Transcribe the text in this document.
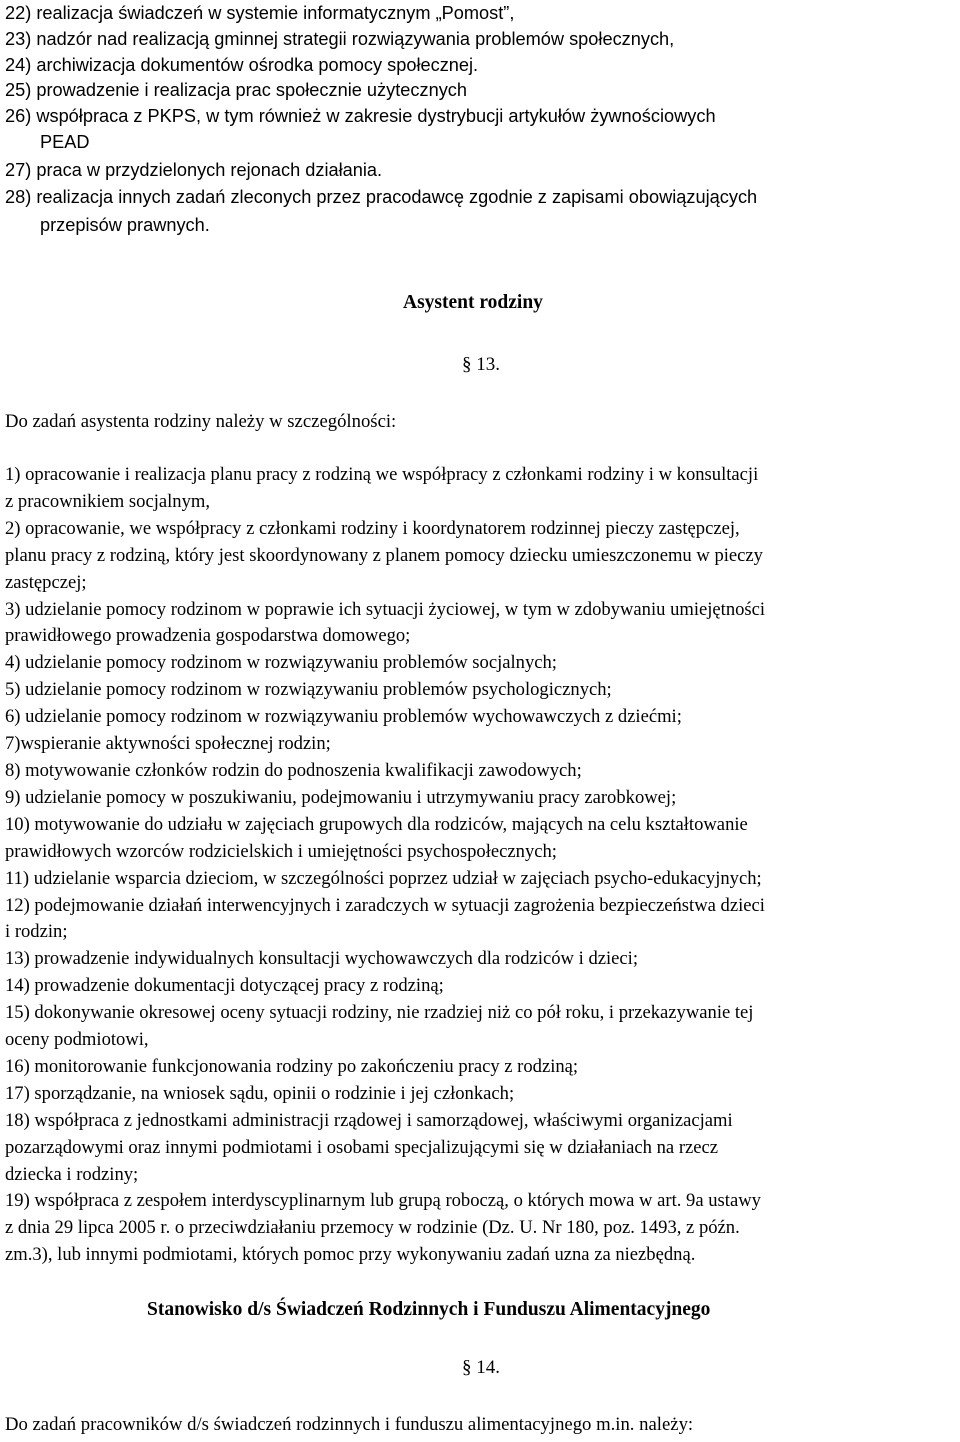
22) realizacja świadczeń w systemie informatycznym „Pomost”,
23) nadzór nad realizacją gminnej strategii rozwiązywania problemów społecznych,
24) archiwizacja dokumentów ośrodka pomocy społecznej.
25) prowadzenie i realizacja prac społecznie użytecznych
26) współpraca z PKPS, w tym również w zakresie dystrybucji artykułów żywnościowych
PEAD
27) praca w przydzielonych rejonach działania.
28) realizacja innych zadań zleconych przez pracodawcę zgodnie z zapisami obowiązujących
przepisów prawnych.
Asystent rodziny
§ 13.
Do zadań asystenta rodziny należy w szczególności:
1) opracowanie i realizacja planu pracy z rodziną we współpracy z członkami rodziny i w konsultacji
z pracownikiem socjalnym,
2) opracowanie, we współpracy z członkami rodziny i koordynatorem rodzinnej pieczy zastępczej,
planu pracy z rodziną, który jest skoordynowany z planem pomocy dziecku umieszczonemu w pieczy
zastępczej;
3) udzielanie pomocy rodzinom w poprawie ich sytuacji życiowej, w tym w zdobywaniu umiejętności
prawidłowego prowadzenia gospodarstwa domowego;
4) udzielanie pomocy rodzinom w rozwiązywaniu problemów socjalnych;
5) udzielanie pomocy rodzinom w rozwiązywaniu problemów psychologicznych;
6) udzielanie pomocy rodzinom w rozwiązywaniu problemów wychowawczych z dziećmi;
7)wspieranie aktywności społecznej rodzin;
8) motywowanie członków rodzin do podnoszenia kwalifikacji zawodowych;
9) udzielanie pomocy w poszukiwaniu, podejmowaniu i utrzymywaniu pracy zarobkowej;
10) motywowanie do udziału w zajęciach grupowych dla rodziców, mających na celu kształtowanie
prawidłowych wzorców rodzicielskich i umiejętności psychospołecznych;
11) udzielanie wsparcia dzieciom, w szczególności poprzez udział w zajęciach psycho-edukacyjnych;
12) podejmowanie działań interwencyjnych i zaradczych w sytuacji zagrożenia bezpieczeństwa dzieci
i rodzin;
13) prowadzenie indywidualnych konsultacji wychowawczych dla rodziców i dzieci;
14) prowadzenie dokumentacji dotyczącej pracy z rodziną;
15) dokonywanie okresowej oceny sytuacji rodziny, nie rzadziej niż co pół roku, i przekazywanie tej
oceny podmiotowi,
16) monitorowanie funkcjonowania rodziny po zakończeniu pracy z rodziną;
17) sporządzanie, na wniosek sądu, opinii o rodzinie i jej członkach;
18) współpraca z jednostkami administracji rządowej i samorządowej, właściwymi organizacjami
pozarządowymi oraz innymi podmiotami i osobami specjalizującymi się w działaniach na rzecz
dziecka i rodziny;
19) współpraca z zespołem interdyscyplinarnym lub grupą roboczą, o których mowa w art. 9a ustawy
z dnia 29 lipca 2005 r. o przeciwdziałaniu przemocy w rodzinie (Dz. U. Nr 180, poz. 1493, z późn.
zm.3), lub innymi podmiotami, których pomoc przy wykonywaniu zadań uzna za niezbędną.
Stanowisko d/s Świadczeń Rodzinnych i Funduszu Alimentacyjnego
§ 14.
Do zadań pracowników d/s świadczeń rodzinnych i funduszu alimentacyjnego m.in. należy:
